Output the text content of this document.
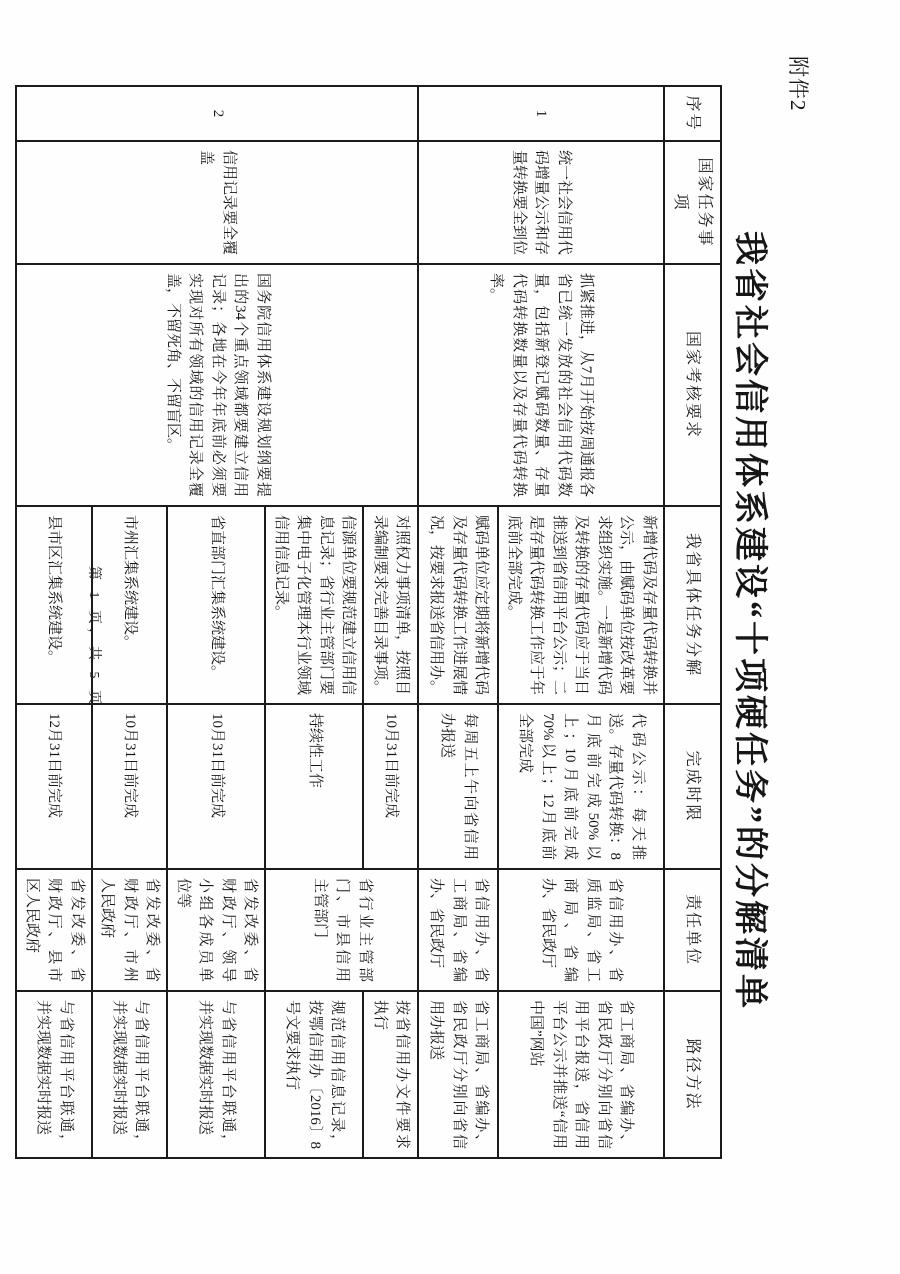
附件2
我省社会信用体系建设“十项硬任务”的分解清单
序号	国家任务事项	国家考核要求	我省具体任务分解	完成时限	责任单位	路径方法
1	统一社会信用代码增量公示和存量转换要全到位	抓紧推进，从7月开始按周通报各省已统一发放的社会信用代码数量，包括新登记赋码数量、存量代码转换数量以及存量代码转换率。	新增代码及存量代码转换并公示，由赋码单位按改革要求组织实施。一是新增代码及转换的存量代码应于当日推送到省信用平台公示；二是存量代码转换工作应于年底前全部完成。	代码公示：每天推送。存量代码转换：8月底前完成50%以上；10月底前完成70%以上；12月底前全部完成	省信用办、省质监局、省工商局、省编办、省民政厅	省工商局、省编办、省民政厅分别向省信用平台报送，省信用平台公示并推送“信用中国”网站
			赋码单位应定期将新增代码及存量代码转换工作进展情况，按要求报送省信用办。	每周五上午向省信用办报送	省信用办、省工商局、省编办、省民政厅	省工商局、省编办、省民政厅分别向省信用办报送
2	信用记录要全覆盖	国务院信用体系建设规划纲要提出的34个重点领域都要建立信用记录；各地在今年年底前必须要实现对所有领域的信用记录全覆盖，不留死角、不留盲区。	对照权力事项清单，按照目录编制要求完善目录事项。	10月31日前完成	省行业主管部门、市县信用主管部门	按省信用办文件要求执行
			信源单位要规范建立信用信息记录；省行业主管部门要集中电子化管理本行业领域信用信息记录。	持续性工作		规范信用信息记录，按鄂信用办〔2016〕8号文要求执行
			省直部门汇集系统建设。	10月31日前完成	省发改委、省财政厅、领导小组各成员单位等	与省信用平台联通，并实现数据实时报送
			市州汇集系统建设。	10月31日前完成	省发改委、省财政厅、市州人民政府	与省信用平台联通，并实现数据实时报送
			县市区汇集系统建设。	12月31日前完成	省发改委、省财政厅、县市区人民政府	与省信用平台联通，并实现数据实时报送
第 1 页，共 5 页
